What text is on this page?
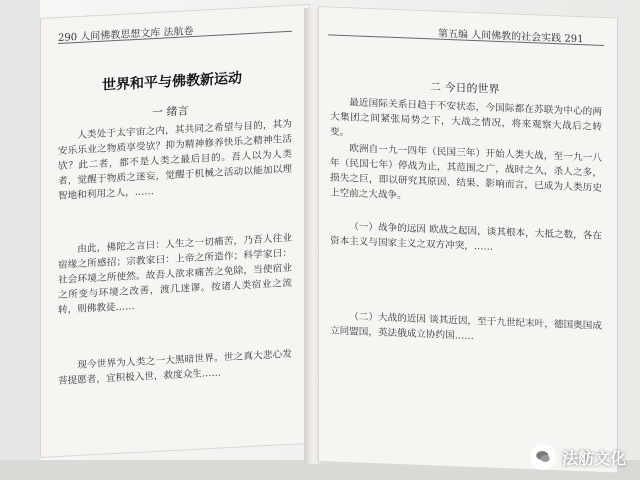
290 人间佛教思想文库 法航卷
世界和平与佛教新运动
一 绪言
人类处于太宇宙之内，其共同之希望与目的，其为安乐乐业之物质享受欤？抑为精神修养快乐之精神生活欤？此二者，都不是人类之最后目的。吾人以为人类者，觉醒于物质之迷妄，觉醒于机械之活动以能加以理智地和利用之人，……
由此，佛陀之言曰：人生之一切痛苦，乃吾人往业宿缘之所感招；宗教家曰：上帝之所造作；科学家曰：社会环境之所使然。故吾人欲求痛苦之免除，当使宿业之所变与环境之改善，渡几迷谬。按诸人类宿业之流转，则佛教徒……
现今世界为人类之一大黑暗世界。世之真大悲心发菩提愿者，宜积极入世，救度众生……
第五编 人间佛教的社会实践 291
二 今日的世界
最近国际关系日趋于不安状态，今国际都在苏联为中心的两大集团之间紧张局势之下，大战之情况，将来观察大战后之转变。
欧洲自一九一四年（民国三年）开始人类大战，至一九一八年（民国七年）停战为止，其范围之广，战时之久，杀人之多，损失之巨，即以研究其原因、结果、影响而言，已成为人类历史上空前之大战争。
（一）战争的远因 欧战之起因，谈其根本，大抵之数，各在资本主义与国家主义之双方冲突，……
（二）大战的近因 谈其近因，至于九世纪末叶，德国奥国成立同盟国，英法俄成立协约国……
法舫文化
